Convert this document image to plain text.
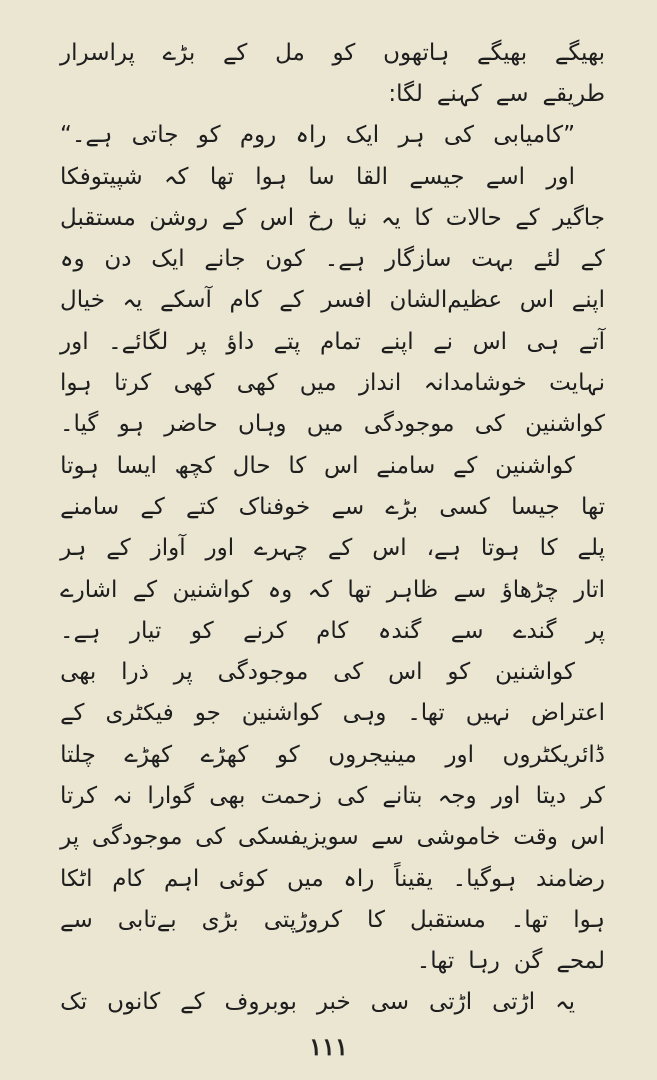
بھیگے
بھیگے
ہاتھوں
کو
مل
کے
بڑے
پراسرار
طریقے
سے
کہنے
لگا:
”کامیابی
کی
ہر
ایک
راہ
روم
کو
جاتی
ہے۔“
اور
اسے
جیسے
القا
سا
ہوا
تھا
کہ
شپیتوفکا
جاگیر
کے
حالات
کا
یہ
نیا
رخ
اس
کے
روشن
مستقبل
کے
لئے
بہت
سازگار
ہے۔
کون
جانے
ایک
دن
وہ
اپنے
اس
عظیم‌الشان
افسر
کے
کام
آسکے
یہ
خیال
آتے
ہی
اس
نے
اپنے
تمام
پتے
داؤ
پر
لگائے۔
اور
نہایت
خوشامدانہ
انداز
میں
کھی
کھی
کرتا
ہوا
کواشنین
کی
موجودگی
میں
وہاں
حاضر
ہو
گیا۔
کواشنین
کے
سامنے
اس
کا
حال
کچھ
ایسا
ہوتا
تھا
جیسا
کسی
بڑے
سے
خوفناک
کتے
کے
سامنے
پلے
کا
ہوتا
ہے،
اس
کے
چہرے
اور
آواز
کے
ہر
اتار
چڑھاؤ
سے
ظاہر
تھا
کہ
وہ
کواشنین
کے
اشارے
پر
گندے
سے
گندہ
کام
کرنے
کو
تیار
ہے۔
کواشنین
کو
اس
کی
موجودگی
پر
ذرا
بھی
اعتراض
نہیں
تھا۔
وہی
کواشنین
جو
فیکٹری
کے
ڈائریکٹروں
اور
مینیجروں
کو
کھڑے
کھڑے
چلتا
کر
دیتا
اور
وجہ
بتانے
کی
زحمت
بھی
گوارا
نہ
کرتا
اس
وقت
خاموشی
سے
سویزیفسکی
کی
موجودگی
پر
رضامند
ہوگیا۔
یقیناً
راہ
میں
کوئی
اہم
کام
اٹکا
ہوا
تھا۔
مستقبل
کا
کروڑپتی
بڑی
بےتابی
سے
لمحے
گن
رہا
تھا۔
یہ
اڑتی
اڑتی
سی
خبر
بوبروف
کے
کانوں
تک
۱۱۱
